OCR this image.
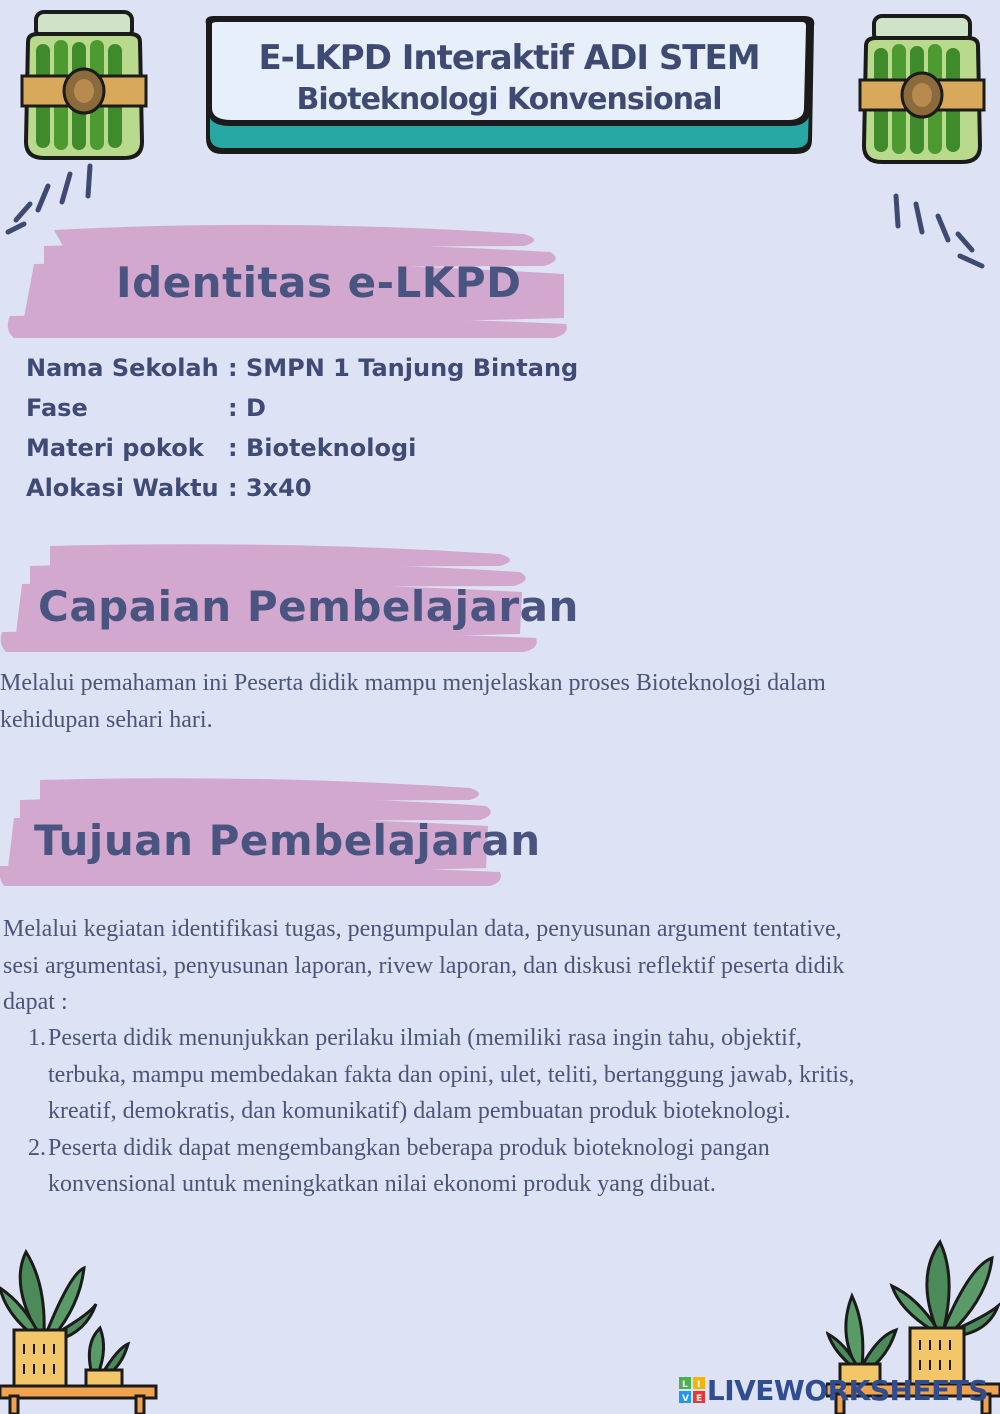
E-LKPD Interaktif ADI STEM
Bioteknologi Konvensional
Identitas e-LKPD
Nama Sekolah : SMPN 1 Tanjung Bintang
Fase	: D
Materi pokok : Bioteknologi
Alokasi Waktu : 3x40
Capaian Pembelajaran
Melalui pemahaman ini Peserta didik mampu menjelaskan proses Bioteknologi dalam
kehidupan sehari hari.
Tujuan Pembelajaran
Melalui kegiatan identifikasi tugas, pengumpulan data, penyusunan argument tentative,
sesi argumentasi, penyusunan laporan, rivew laporan, dan diskusi reflektif peserta didik
dapat :
1. Peserta didik menunjukkan perilaku ilmiah (memiliki rasa ingin tahu, objektif,
terbuka, mampu membedakan fakta dan opini, ulet, teliti, bertanggung jawab, kritis,
kreatif, demokratis, dan komunikatif) dalam pembuatan produk bioteknologi.
2. Peserta didik dapat mengembangkan beberapa produk bioteknologi pangan
konvensional untuk meningkatkan nilai ekonomi produk yang dibuat.
L I
V E LIVEWORKSHEETS
